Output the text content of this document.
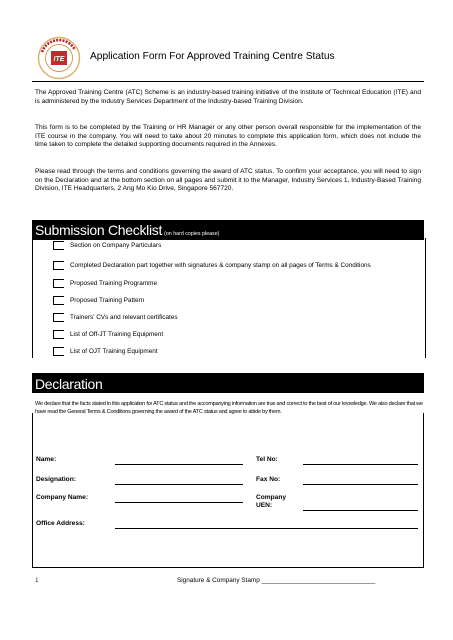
ITE	Application Form For Approved Training Centre Status

The Approved Training Centre (ATC) Scheme is an industry-based training initiative of the Institute of Technical Education (ITE) and is administered by the Industry Services Department of the Industry-based Training Division.

This form is to be completed by the Training or HR Manager or any other person overall responsible for the implementation of the ITE course in the company. You will need to take about 20 minutes to complete this application form, which does not include the time taken to complete the detailed supporting documents required in the Annexes.

Please read through the terms and conditions governing the award of ATC status. To confirm your acceptance, you will need to sign on the Declaration and at the bottom section on all pages and submit it to the Manager, Industry Services 1, Industry-Based Training Division, ITE Headquarters, 2 Ang Mo Kio Drive, Singapore 567720.

Submission Checklist (on hard copies please)
Section on Company Particulars
Completed Declaration part together with signatures & company stamp on all pages of Terms & Conditions
Proposed Training Programme
Proposed Training Pattern
Trainers' CVs and relevant certificates
List of Off-JT Training Equipment
List of OJT Training Equipment
Declaration

We declare that the facts stated in this application for ATC status and the accompanying information are true and correct to the best of our knowledge. We also declare that we have read the General Terms & Conditions governing the award of the ATC status and agree to abide by them.

Name:	Tel No:
Designation:	Fax No:
Company Name:	Company UEN:
Office Address:
1	Signature & Company Stamp ________________________________
